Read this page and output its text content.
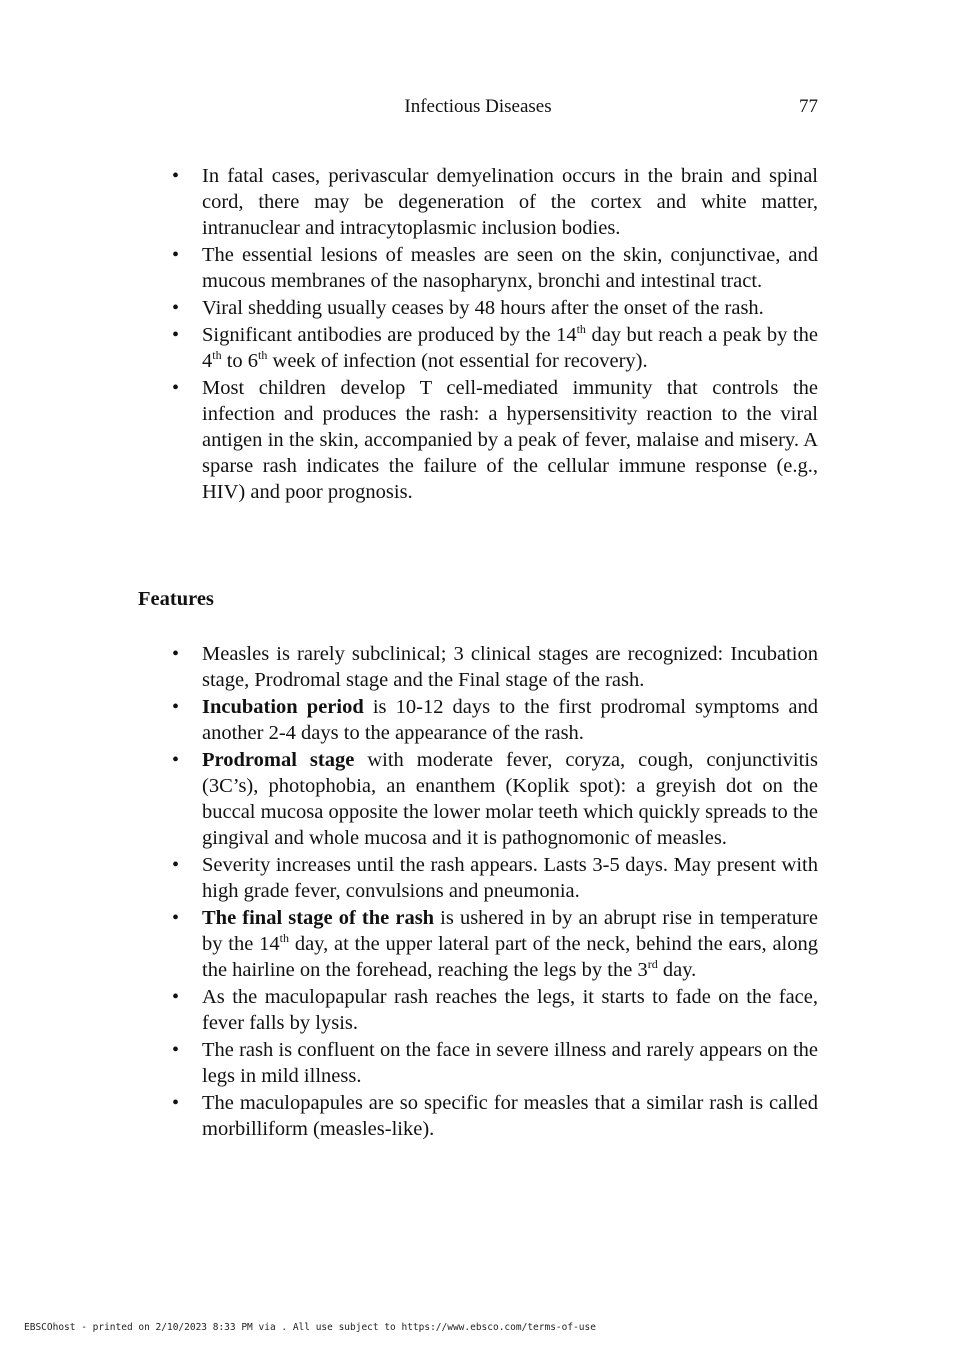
Infectious Diseases	77
• In fatal cases, perivascular demyelination occurs in the brain and spinal cord, there may be degeneration of the cortex and white matter, intranuclear and intracytoplasmic inclusion bodies.
• The essential lesions of measles are seen on the skin, conjunctivae, and mucous membranes of the nasopharynx, bronchi and intestinal tract.
• Viral shedding usually ceases by 48 hours after the onset of the rash.
• Significant antibodies are produced by the 14th day but reach a peak by the 4th to 6th week of infection (not essential for recovery).
• Most children develop T cell-mediated immunity that controls the infection and produces the rash: a hypersensitivity reaction to the viral antigen in the skin, accompanied by a peak of fever, malaise and misery. A sparse rash indicates the failure of the cellular immune response (e.g., HIV) and poor prognosis.
Features
• Measles is rarely subclinical; 3 clinical stages are recognized: Incubation stage, Prodromal stage and the Final stage of the rash.
• Incubation period is 10-12 days to the first prodromal symptoms and another 2-4 days to the appearance of the rash.
• Prodromal stage with moderate fever, coryza, cough, conjunctivitis (3C’s), photophobia, an enanthem (Koplik spot): a greyish dot on the buccal mucosa opposite the lower molar teeth which quickly spreads to the gingival and whole mucosa and it is pathognomonic of measles.
• Severity increases until the rash appears. Lasts 3-5 days. May present with high grade fever, convulsions and pneumonia.
• The final stage of the rash is ushered in by an abrupt rise in temperature by the 14th day, at the upper lateral part of the neck, behind the ears, along the hairline on the forehead, reaching the legs by the 3rd day.
• As the maculopapular rash reaches the legs, it starts to fade on the face, fever falls by lysis.
• The rash is confluent on the face in severe illness and rarely appears on the legs in mild illness.
• The maculopapules are so specific for measles that a similar rash is called morbilliform (measles-like).
EBSCOhost - printed on 2/10/2023 8:33 PM via . All use subject to https://www.ebsco.com/terms-of-use
